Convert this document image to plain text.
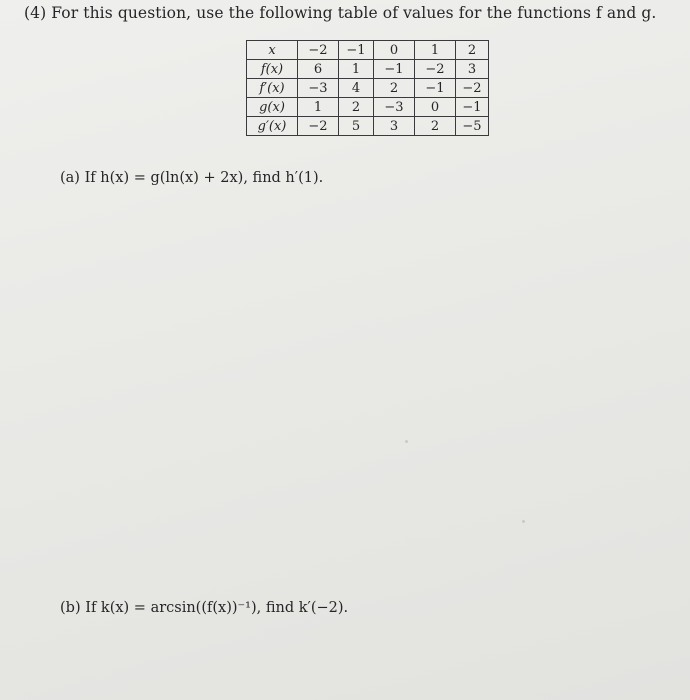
(4) For this question, use the following table of values for the functions f and g.
x	−2	−1	0	1	2
f(x)	6	1	−1	−2	3
f′(x)	−3	4	2	−1	−2
g(x)	1	2	−3	0	−1
g′(x)	−2	5	3	2	−5
(a) If h(x) = g(ln(x) + 2x), find h′(1).
(b) If k(x) = arcsin((f(x))⁻¹), find k′(−2).
